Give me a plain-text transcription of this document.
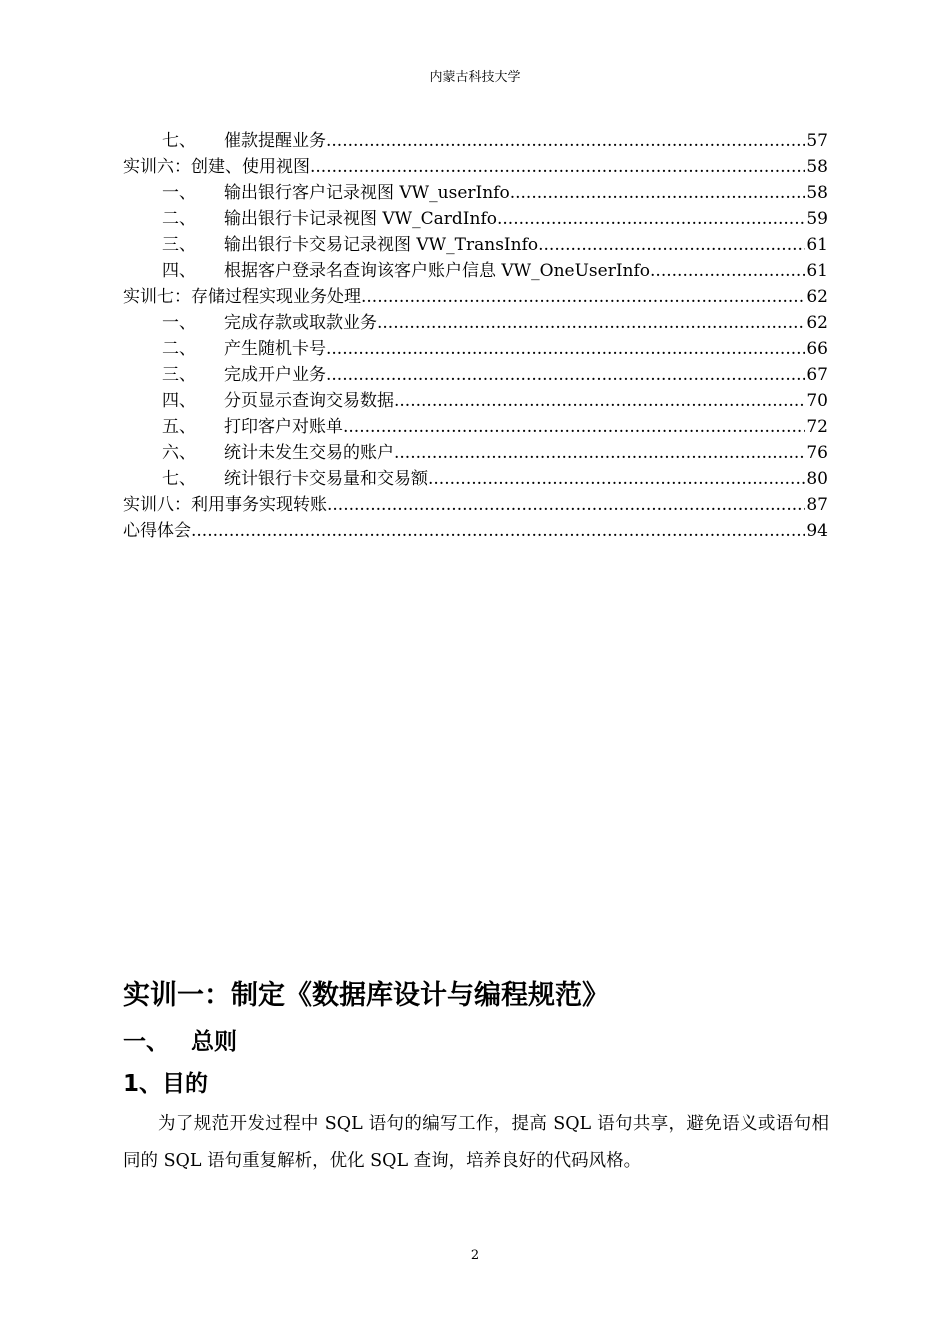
内蒙古科技大学
七、	催款提醒业务 .....	57
实训六：创建、使用视图 .....	58
一、	输出银行客户记录视图 VW_userInfo .....	58
二、	输出银行卡记录视图 VW_CardInfo .....	59
三、	输出银行卡交易记录视图 VW_TransInfo .....	61
四、	根据客户登录名查询该客户账户信息 VW_OneUserInfo .....	61
实训七：存储过程实现业务处理 .....	62
一、	完成存款或取款业务 .....	62
二、	产生随机卡号 .....	66
三、	完成开户业务 .....	67
四、	分页显示查询交易数据 .....	70
五、	打印客户对账单 .....	72
六、	统计未发生交易的账户 .....	76
七、	统计银行卡交易量和交易额 .....	80
实训八：利用事务实现转账 .....	87
心得体会 .....	94
实训一：制定《数据库设计与编程规范》
一、 总则
1、目的
为了规范开发过程中 SQL 语句的编写工作，提高 SQL 语句共享，避免语义或语句相同的 SQL 语句重复解析，优化 SQL 查询，培养良好的代码风格。
2
